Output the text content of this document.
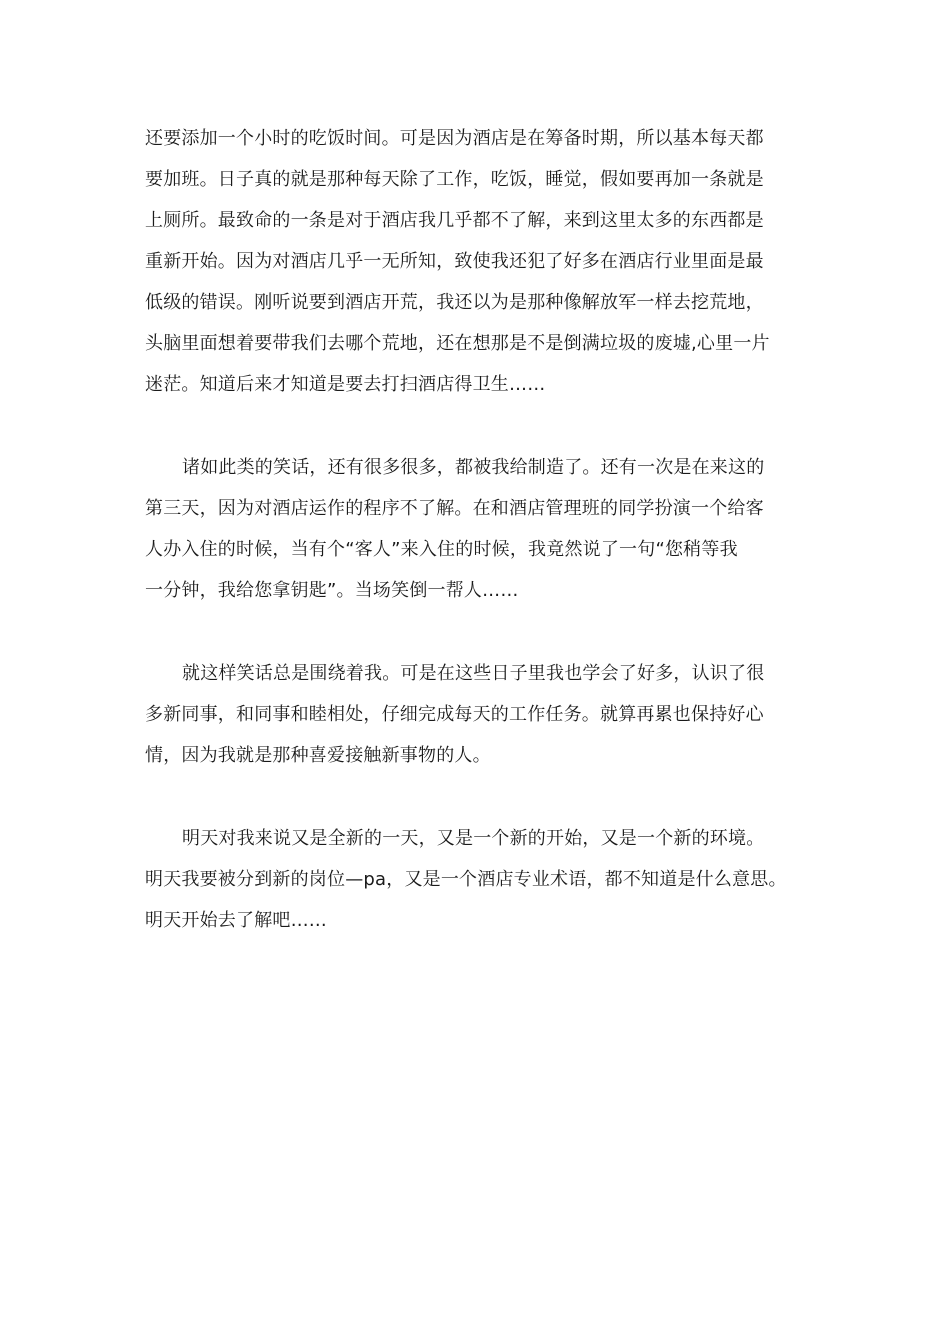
还要添加一个小时的吃饭时间。可是因为酒店是在筹备时期，所以基本每天都
要加班。日子真的就是那种每天除了工作，吃饭，睡觉，假如要再加一条就是
上厕所。最致命的一条是对于酒店我几乎都不了解，来到这里太多的东西都是
重新开始。因为对酒店几乎一无所知，致使我还犯了好多在酒店行业里面是最
低级的错误。刚听说要到酒店开荒，我还以为是那种像解放军一样去挖荒地，
头脑里面想着要带我们去哪个荒地，还在想那是不是倒满垃圾的废墟,心里一片
迷茫。知道后来才知道是要去打扫酒店得卫生……
诸如此类的笑话，还有很多很多，都被我给制造了。还有一次是在来这的
第三天，因为对酒店运作的程序不了解。在和酒店管理班的同学扮演一个给客
人办入住的时候，当有个“客人”来入住的时候，我竟然说了一句“您稍等我
一分钟，我给您拿钥匙”。当场笑倒一帮人……
就这样笑话总是围绕着我。可是在这些日子里我也学会了好多，认识了很
多新同事，和同事和睦相处，仔细完成每天的工作任务。就算再累也保持好心
情，因为我就是那种喜爱接触新事物的人。
明天对我来说又是全新的一天，又是一个新的开始，又是一个新的环境。
明天我要被分到新的岗位—pa，又是一个酒店专业术语，都不知道是什么意思。
明天开始去了解吧……
